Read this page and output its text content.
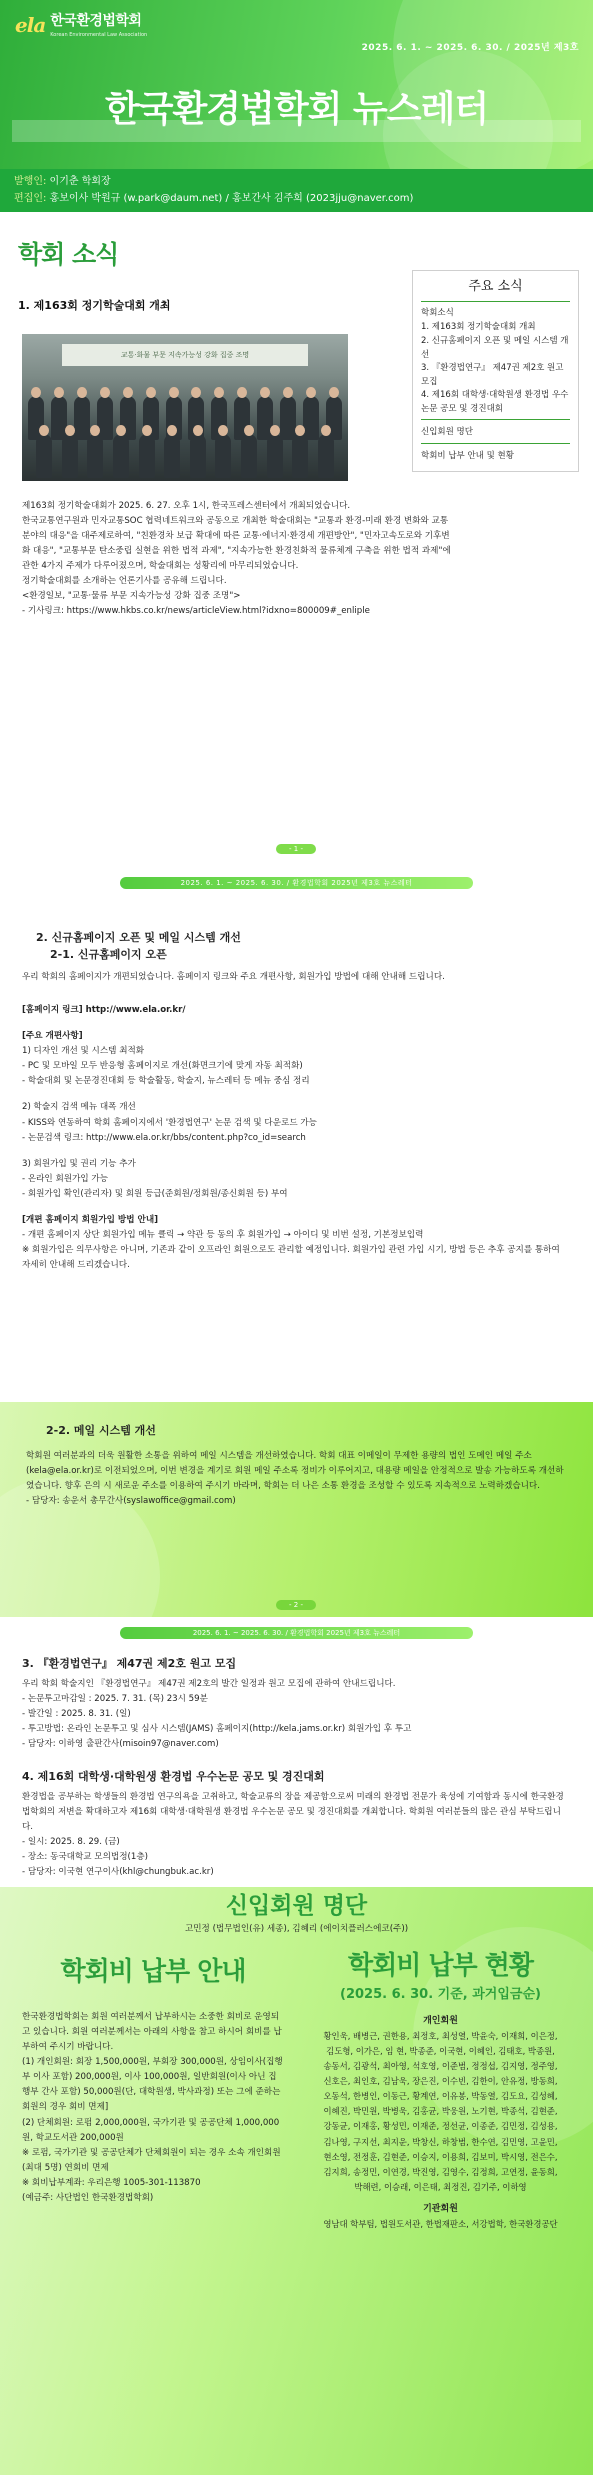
ela 한국환경법학회
Korean Environmental Law Association
2025. 6. 1. ~ 2025. 6. 30. / 2025년 제3호
한국환경법학회 뉴스레터
발행인: 이기춘 학회장
편집인: 홍보이사 박원규 (w.park@daum.net) / 홍보간사 김주희 (2023jju@naver.com)
학회 소식
1. 제163회 정기학술대회 개최
교통·화물 부문 지속가능성 강화 집중 조명
제163회 정기학술대회가 2025. 6. 27. 오후 1시, 한국프레스센터에서 개최되었습니다.
한국교통연구원과 민자교통SOC 협력네트워크와 공동으로 개최한 학술대회는 "교통과 환경-미래 환경 변화와 교통 분야의 대응"을 대주제로하여, "친환경차 보급 확대에 따른 교통·에너지·환경세 개편방안", "민자고속도로와 기후변화 대응", "교통부문 탄소중립 실현을 위한 법적 과제", "지속가능한 환경친화적 물류체계 구축을 위한 법적 과제"에 관한 4가지 주제가 다루어졌으며, 학술대회는 성황리에 마무리되었습니다.
정기학술대회를 소개하는 언론기사를 공유해 드립니다.
<환경일보, "교통·물류 부문 지속가능성 강화 집중 조명">
- 기사링크: https://www.hkbs.co.kr/news/articleView.html?idxno=800009#_enliple
주요 소식
학회소식
1. 제163회 정기학술대회 개최
2. 신규홈페이지 오픈 및 메일 시스템 개선
3. 『환경법연구』 제47권 제2호 원고 모집
4. 제16회 대학생·대학원생 환경법 우수논문 공모 및 경진대회
신입회원 명단
학회비 납부 안내 및 현황
- 1 -
2025. 6. 1. ~ 2025. 6. 30. / 환경법학회 2025년 제3호 뉴스레터
2. 신규홈페이지 오픈 및 메일 시스템 개선
2-1. 신규홈페이지 오픈
우리 학회의 홈페이지가 개편되었습니다. 홈페이지 링크와 주요 개편사항, 회원가입 방법에 대해 안내해 드립니다.
[홈페이지 링크] http://www.ela.or.kr/
[주요 개편사항]
1) 디자인 개선 및 시스템 최적화
- PC 및 모바일 모두 반응형 홈페이지로 개선(화면크기에 맞게 자동 최적화)
- 학술대회 및 논문경진대회 등 학술활동, 학술지, 뉴스레터 등 메뉴 중심 정리
2) 학술지 검색 메뉴 대폭 개선
- KISS와 연동하여 학회 홈페이지에서 '환경법연구' 논문 검색 및 다운로드 가능
- 논문검색 링크: http://www.ela.or.kr/bbs/content.php?co_id=search
3) 회원가입 및 권리 기능 추가
- 온라인 회원가입 가능
- 회원가입 확인(관리자) 및 회원 등급(준회원/정회원/종신회원 등) 부여
[개편 홈페이지 회원가입 방법 안내]
- 개편 홈페이지 상단 회원가입 메뉴 클릭 → 약관 등 동의 후 회원가입 → 아이디 및 비번 설정, 기본정보입력
※ 회원가입은 의무사항은 아니며, 기존과 같이 오프라인 회원으로도 관리할 예정입니다. 회원가입 관련 가입 시기, 방법 등은 추후 공지를 통하여 자세히 안내해 드리겠습니다.
2-2. 메일 시스템 개선
학회원 여러분과의 더욱 원활한 소통을 위하여 메일 시스템을 개선하였습니다. 학회 대표 이메일이 무제한 용량의 법인 도메인 메일 주소(kela@ela.or.kr)로 이전되었으며, 이번 변경을 계기로 회원 메일 주소록 정비가 이루어지고, 대용량 메일을 안정적으로 발송 가능하도록 개선하였습니다. 향후 은의 시 새로운 주소를 이용하여 주시기 바라며, 학회는 더 나은 소통 환경을 조성할 수 있도록 지속적으로 노력하겠습니다.
- 담당자: 송운서 총무간사(syslawoffice@gmail.com)
- 2 -
2025. 6. 1. ~ 2025. 6. 30. / 환경법학회 2025년 제3호 뉴스레터
3. 『환경법연구』 제47권 제2호 원고 모집
우리 학회 학술지인 『환경법연구』 제47권 제2호의 발간 일정과 원고 모집에 관하여 안내드립니다.
- 논문투고마감일 : 2025. 7. 31. (목) 23시 59분
- 발간일 : 2025. 8. 31. (일)
- 투고방법: 온라인 논문투고 및 심사 시스템(JAMS) 홈페이지(http://kela.jams.or.kr) 회원가입 후 투고
- 담당자: 이하영 출판간사(misoin97@naver.com)
4. 제16회 대학생·대학원생 환경법 우수논문 공모 및 경진대회
환경법을 공부하는 학생들의 환경법 연구의욕을 고취하고, 학술교류의 장을 제공함으로써 미래의 환경법 전문가 육성에 기여함과 동시에 한국환경법학회의 저변을 확대하고자 제16회 대학생·대학원생 환경법 우수논문 공모 및 경진대회를 개최합니다. 학회원 여러분들의 많은 관심 부탁드립니다.
- 일시: 2025. 8. 29. (금)
- 장소: 동국대학교 모의법정(1층)
- 담당자: 이국현 연구이사(khl@chungbuk.ac.kr)
신입회원 명단
고민정 (법무법인(유) 세종), 김혜리 (에이치플러스에코(주))
학회비 납부 안내
한국환경법학회는 회원 여러분께서 납부하시는 소중한 회비로 운영되고 있습니다. 회원 여러분께서는 아래의 사항을 참고 하시어 회비를 납부하여 주시기 바랍니다.
(1) 개인회원: 회장 1,500,000원, 부회장 300,000원, 상임이사(집행부 이사 포함) 200,000원, 이사 100,000원, 일반회원(이사 아닌 집행부 간사 포함) 50,000원(단, 대학원생, 박사과정) 또는 그에 준하는 회원의 경우 회비 면제]
(2) 단체회원: 로펌 2,000,000원, 국가기관 및 공공단체 1,000,000원, 학교도서관 200,000원
※ 로펌, 국가기관 및 공공단체가 단체회원이 되는 경우 소속 개인회원(최대 5명) 연회비 면제
※ 회비납부계좌: 우리은행 1005-301-113870
(예금주: 사단법인 한국환경법학회)
학회비 납부 현황
(2025. 6. 30. 기준, 과거입금순)
개인회원
황인욱, 배병근, 권한용, 최정호, 최성열, 박윤숙, 이재희, 이은정, 김도형, 이가은, 임 현, 박종준, 이국현, 이혜인, 김태호, 박종원, 송동서, 김광석, 최아영, 석호영, 이준범, 정정섭, 김지영, 정주영, 신호은, 최인호, 김남욱, 장은진, 이수빈, 김한이, 안유정, 방동희, 오동석, 한병인, 이동근, 황계연, 이유봉, 박동열, 김도요, 김성혜, 이혜진, 박민원, 박병욱, 김홍균, 박웅원, 노기현, 박종석, 김현준, 강동균, 이재홍, 황성민, 이재준, 정선균, 이종준, 김민정, 김성용, 김나영, 구지선, 최지운, 박창신, 하창범, 한수연, 김민영, 고윤민, 현소영, 전정훈, 김현준, 이승지, 이용희, 김보미, 박시영, 전은수, 김지희, 송정민, 이연경, 박진영, 김영수, 김정희, 고연정, 윤동희, 박해련, 이승래, 이은태, 최정진, 김기주, 이하영
기관회원
영남대 학부팀, 법원도서관, 한법재판소, 서강법학, 한국환경공단
